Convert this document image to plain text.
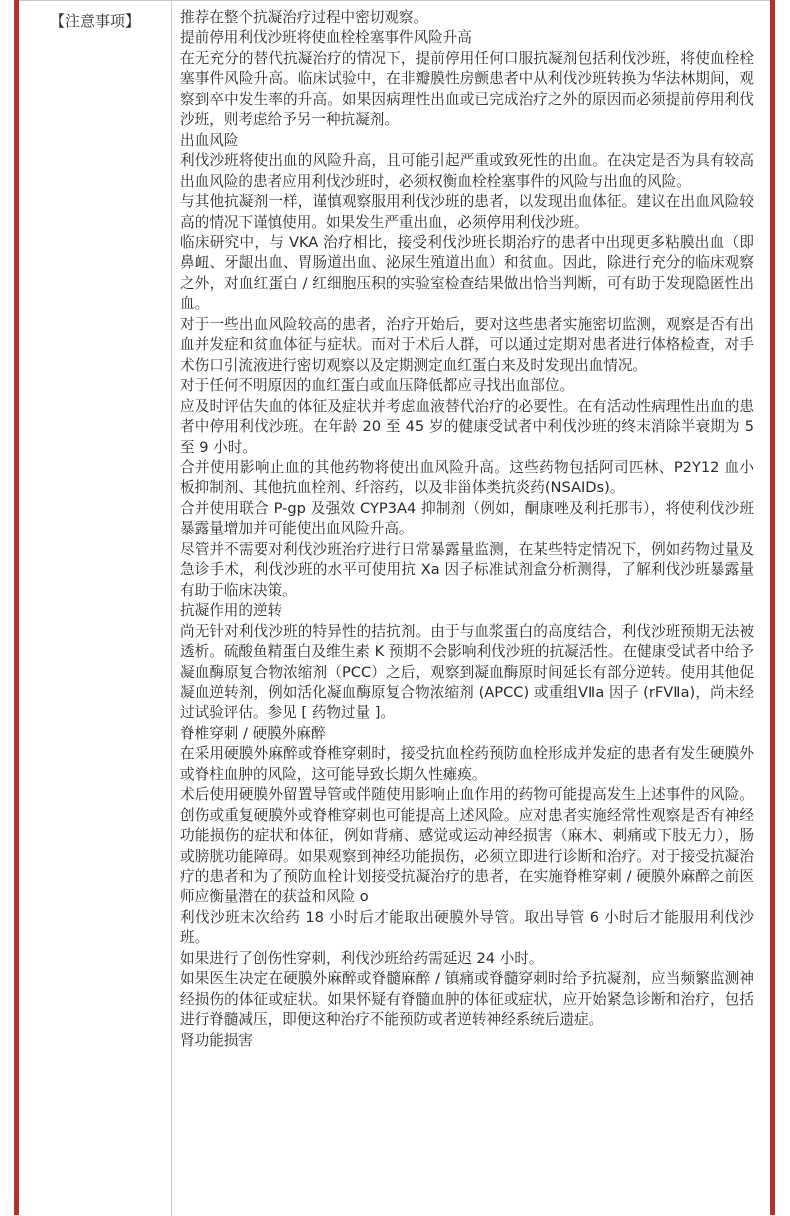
【注意事项】	推荐在整个抗凝治疗过程中密切观察。

提前停用利伐沙班将使血栓栓塞事件风险升高

在无充分的替代抗凝治疗的情况下，提前停用任何口服抗凝剂包括利伐沙班，将使血栓栓塞事件风险升高。临床试验中，在非瓣膜性房颤患者中从利伐沙班转换为华法林期间，观察到卒中发生率的升高。如果因病理性出血或已完成治疗之外的原因而必须提前停用利伐沙班，则考虑给予另一种抗凝剂。

出血风险

利伐沙班将使出血的风险升高，且可能引起严重或致死性的出血。在决定是否为具有较高出血风险的患者应用利伐沙班时，必须权衡血栓栓塞事件的风险与出血的风险。

与其他抗凝剂一样，谨慎观察服用利伐沙班的患者，以发现出血体征。建议在出血风险较高的情况下谨慎使用。如果发生严重出血，必须停用利伐沙班。

临床研究中，与 VKA 治疗相比，接受利伐沙班长期治疗的患者中出现更多粘膜出血（即鼻衄、牙龈出血、胃肠道出血、泌尿生殖道出血）和贫血。因此，除进行充分的临床观察之外，对血红蛋白 / 红细胞压积的实验室检查结果做出恰当判断，可有助于发现隐匿性出血。

对于一些出血风险较高的患者，治疗开始后，要对这些患者实施密切监测，观察是否有出血并发症和贫血体征与症状。而对于术后人群，可以通过定期对患者进行体格检查，对手术伤口引流液进行密切观察以及定期测定血红蛋白来及时发现出血情况。

对于任何不明原因的血红蛋白或血压降低都应寻找出血部位。

应及时评估失血的体征及症状并考虑血液替代治疗的必要性。在有活动性病理性出血的患者中停用利伐沙班。在年龄 20 至 45 岁的健康受试者中利伐沙班的终末消除半衰期为 5 至 9 小时。

合并使用影响止血的其他药物将使出血风险升高。这些药物包括阿司匹林、P2Y12 血小板抑制剂、其他抗血栓剂、纤溶药，以及非甾体类抗炎药(NSAIDs)。

合并使用联合 P-gp 及强效 CYP3A4 抑制剂（例如，酮康唑及利托那韦），将使利伐沙班暴露量增加并可能使出血风险升高。

尽管并不需要对利伐沙班治疗进行日常暴露量监测，在某些特定情况下，例如药物过量及急诊手术，利伐沙班的水平可使用抗 Xa 因子标准试剂盒分析测得，了解利伐沙班暴露量有助于临床决策。

抗凝作用的逆转

尚无针对利伐沙班的特异性的拮抗剂。由于与血浆蛋白的高度结合，利伐沙班预期无法被透析。硫酸鱼精蛋白及维生素 K 预期不会影响利伐沙班的抗凝活性。在健康受试者中给予凝血酶原复合物浓缩剂（PCC）之后，观察到凝血酶原时间延长有部分逆转。使用其他促凝血逆转剂，例如活化凝血酶原复合物浓缩剂 (APCC) 或重组ⅤⅡa 因子 (rFVⅡa)，尚未经过试验评估。参见 [ 药物过量 ]。

脊椎穿刺 / 硬膜外麻醉

在采用硬膜外麻醉或脊椎穿刺时，接受抗血栓药预防血栓形成并发症的患者有发生硬膜外或脊柱血肿的风险，这可能导致长期久性瘫痪。

术后使用硬膜外留置导管或伴随使用影响止血作用的药物可能提高发生上述事件的风险。创伤或重复硬膜外或脊椎穿刺也可能提高上述风险。应对患者实施经常性观察是否有神经功能损伤的症状和体征，例如背痛、感觉或运动神经损害（麻木、刺痛或下肢无力），肠或膀胱功能障碍。如果观察到神经功能损伤，必须立即进行诊断和治疗。对于接受抗凝治疗的患者和为了预防血栓计划接受抗凝治疗的患者，在实施脊椎穿刺 / 硬膜外麻醉之前医师应衡量潜在的获益和风险 o

利伐沙班末次给药 18 小时后才能取出硬膜外导管。取出导管 6 小时后才能服用利伐沙班。

如果进行了创伤性穿刺，利伐沙班给药需延迟 24 小时。

如果医生决定在硬膜外麻醉或脊髓麻醉 / 镇痛或脊髓穿刺时给予抗凝剂，应当频繁监测神经损伤的体征或症状。如果怀疑有脊髓血肿的体征或症状，应开始紧急诊断和治疗，包括进行脊髓减压，即便这种治疗不能预防或者逆转神经系统后遗症。

肾功能损害
